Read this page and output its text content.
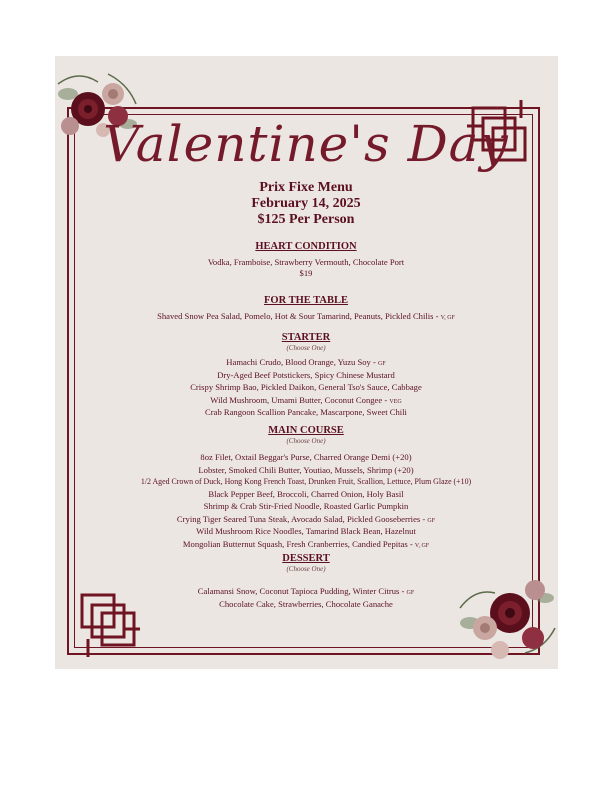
Valentine's Day
Prix Fixe Menu
February 14, 2025
$125 Per Person
HEART CONDITION
Vodka, Framboise, Strawberry Vermouth, Chocolate Port
$19
FOR THE TABLE
Shaved Snow Pea Salad, Pomelo, Hot & Sour Tamarind, Peanuts, Pickled Chilis - V, GF
STARTER
(Choose One)
Hamachi Crudo, Blood Orange, Yuzu Soy - GF
Dry-Aged Beef Potstickers, Spicy Chinese Mustard
Crispy Shrimp Bao, Pickled Daikon, General Tso's Sauce, Cabbage
Wild Mushroom, Umami Butter, Coconut Congee - VEG
Crab Rangoon Scallion Pancake, Mascarpone, Sweet Chili
MAIN COURSE
(Choose One)
8oz Filet, Oxtail Beggar's Purse, Charred Orange Demi (+20)
Lobster, Smoked Chili Butter, Youtiao, Mussels, Shrimp (+20)
1/2 Aged Crown of Duck, Hong Kong French Toast, Drunken Fruit, Scallion, Lettuce, Plum Glaze (+10)
Black Pepper Beef, Broccoli, Charred Onion, Holy Basil
Shrimp & Crab Stir-Fried Noodle, Roasted Garlic Pumpkin
Crying Tiger Seared Tuna Steak, Avocado Salad, Pickled Gooseberries - GF
Wild Mushroom Rice Noodles, Tamarind Black Bean, Hazelnut
Mongolian Butternut Squash, Fresh Cranberries, Candied Pepitas - V, GF
DESSERT
(Choose One)
Calamansi Snow, Coconut Tapioca Pudding, Winter Citrus - GF
Chocolate Cake, Strawberries, Chocolate Ganache
